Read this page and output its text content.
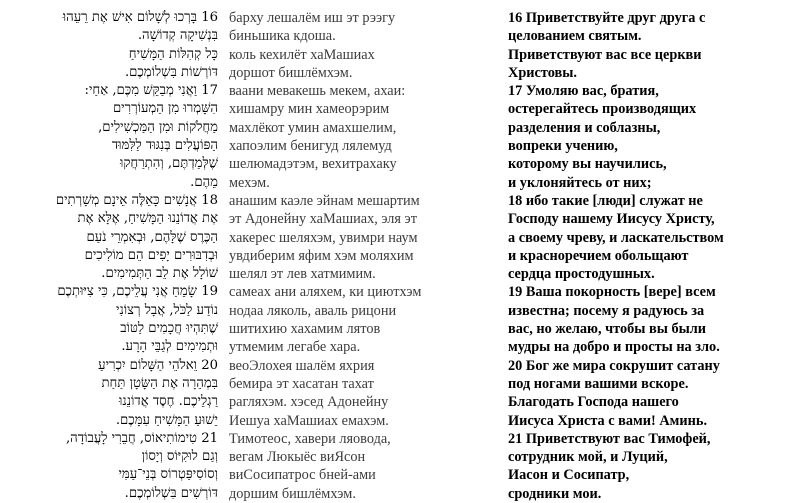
16 בָּרְכוּ לְשָׁלוֹם אִישׁ אֶת רֵעֵהוּ
בִּנְשִׁיקָה קְדוֹשָׁה.
כָּל קְהִלּוֹת הַמָּשִׁיחַ
דּוֹרְשׁוֹת בִּשְׁלוֹמְכֶם.
17 וַאֲנִי מְבַקֵּשׁ מִכֶּם, אַחַי:
הִשָּׁמְרוּ מִן הַמְעוֹרְרִים
מַחֲלֹקוֹת וּמִן הַמַּכְשִׁילִים,
הַפּוֹעֲלִים בְּנִגּוּד לַלִּמּוּד
שֶׁלְּמַדְתֶּם, וְהִתְרַחֲקוּ
מֵהֶם.
18 אֲנָשִׁים כָּאֵלֶּה אֵינָם מְשָׁרְתִים
אֶת אֲדוֹנֵנוּ הַמָּשִׁיחַ, אֶלָּא אֶת
הַכֶּרֶס שֶׁלָּהֶם, וּבְאִמְרֵי נֹעַם
וּבְדִבּוּרִים יָפִים הֵם מוֹלִיכִים
שׁוֹלָל אֶת לֵב הַתְּמִימִים.
19 שָׂמֵחַ אֲנִי עֲלֵיכֶם, כִּי צִיּוּתְכֶם
נוֹדַע לַכֹּל, אֲבָל רְצוֹנִי
שֶׁתִּהְיוּ חֲכָמִים לַטּוֹב
וּתְמִימִים לְגַבֵּי הָרָע.
20 וֵאלֹהֵי הַשָּׁלוֹם יִכְרִיעַ
בִּמְהֵרָה אֶת הַשָּׂטָן תַּחַת
רַגְלֵיכֶם. חֶסֶד אֲדוֹנֵנוּ
יֵשׁוּעַ הַמָּשִׁיחַ עִמָּכֶם.
21 טִימוֹתִיאוֹס, חֲבֵרִי לָעֲבוֹדָה,
וְגַם לוּקִיּוֹס וְיָסוֹן
וְסוֹסִיפַּטְרוֹס בְּנֵי־עַמִּי
דּוֹרְשִׁים בִּשְׁלוֹמְכֶם.
барху лешалём иш эт рээгу
биньшика кдоша.
коль кехилёт хаМашиах
доршот бишлёмхэм.
ваани мевакешь мекем, ахаи:
хишамру мин хамеорэрим
махлёкот умин амахшелим,
хапоэлим бенигуд лялемуд
шелюмадэтэм, вехитрахаку
мехэм.
анашим каэле эйнам мешартим
эт Адонейну хаМашиах, эля эт
хакерес шеляхэм, увимри наум
увдиберим яфим хэм моляхим
шелял эт лев хатмимим.
самеах ани аляхем, ки циютхэм
нодаа ляколь, аваль рицони
шитихию хахамим лятов
утмемим легабе хара.
веоЭлохея шалём яхрия
бемира эт хасатан тахат
рагляхэм. хэсед Адонейну
Иешуа хаМашиах емахэм.
Тимотеос, хавери ляовода,
вегам Люкыёс виЯсон
виСосипатрос бней-ами
доршим бишлёмхэм.
16 Приветствуйте друг друга с
целованием святым.
Приветствуют вас все церкви
Христовы.
17 Умоляю вас, братия,
остерегайтесь производящих
разделения и соблазны,
вопреки учению,
которому вы научились,
и уклоняйтесь от них;
18 ибо такие [люди] служат не
Господу нашему Иисусу Христу,
а своему чреву, и ласкательством
и красноречием обольщают
сердца простодушных.
19 Ваша покорность [вере] всем
известна; посему я радуюсь за
вас, но желаю, чтобы вы были
мудры на добро и просты на зло.
20 Бог же мира сокрушит сатану
под ногами вашими вскоре.
Благодать Господа нашего
Иисуса Христа с вами! Аминь.
21 Приветствуют вас Тимофей,
сотрудник мой, и Луций,
Иасон и Сосипатр,
сродники мои.
